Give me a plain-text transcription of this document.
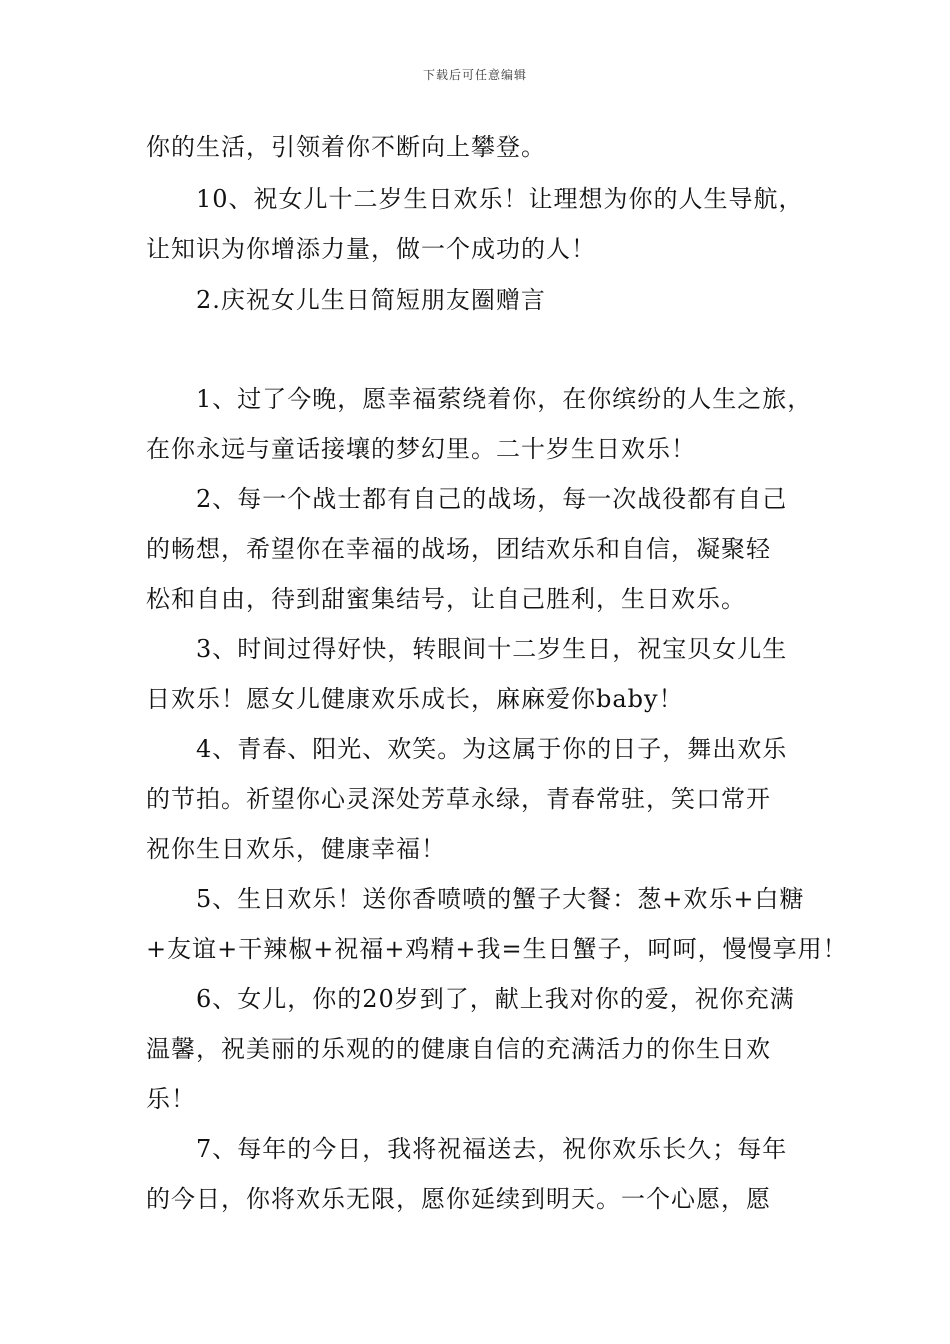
下载后可任意编辑
你的生活，引领着你不断向上攀登。
10、祝女儿十二岁生日欢乐！让理想为你的人生导航，
让知识为你增添力量，做一个成功的人！
2.庆祝女儿生日简短朋友圈赠言
1、过了今晚，愿幸福萦绕着你，在你缤纷的人生之旅，
在你永远与童话接壤的梦幻里。二十岁生日欢乐！
2、每一个战士都有自己的战场，每一次战役都有自己
的畅想，希望你在幸福的战场，团结欢乐和自信，凝聚轻
松和自由，待到甜蜜集结号，让自己胜利，生日欢乐。
3、时间过得好快，转眼间十二岁生日，祝宝贝女儿生
日欢乐！愿女儿健康欢乐成长，麻麻爱你baby！
4、青春、阳光、欢笑。为这属于你的日子，舞出欢乐
的节拍。祈望你心灵深处芳草永绿，青春常驻，笑口常开
祝你生日欢乐，健康幸福！
5、生日欢乐！送你香喷喷的蟹子大餐：葱+欢乐+白糖
+友谊+干辣椒+祝福+鸡精+我=生日蟹子，呵呵，慢慢享用！
6、女儿，你的20岁到了，献上我对你的爱，祝你充满
温馨，祝美丽的乐观的的健康自信的充满活力的你生日欢
乐！
7、每年的今日，我将祝福送去，祝你欢乐长久；每年
的今日，你将欢乐无限，愿你延续到明天。一个心愿，愿
